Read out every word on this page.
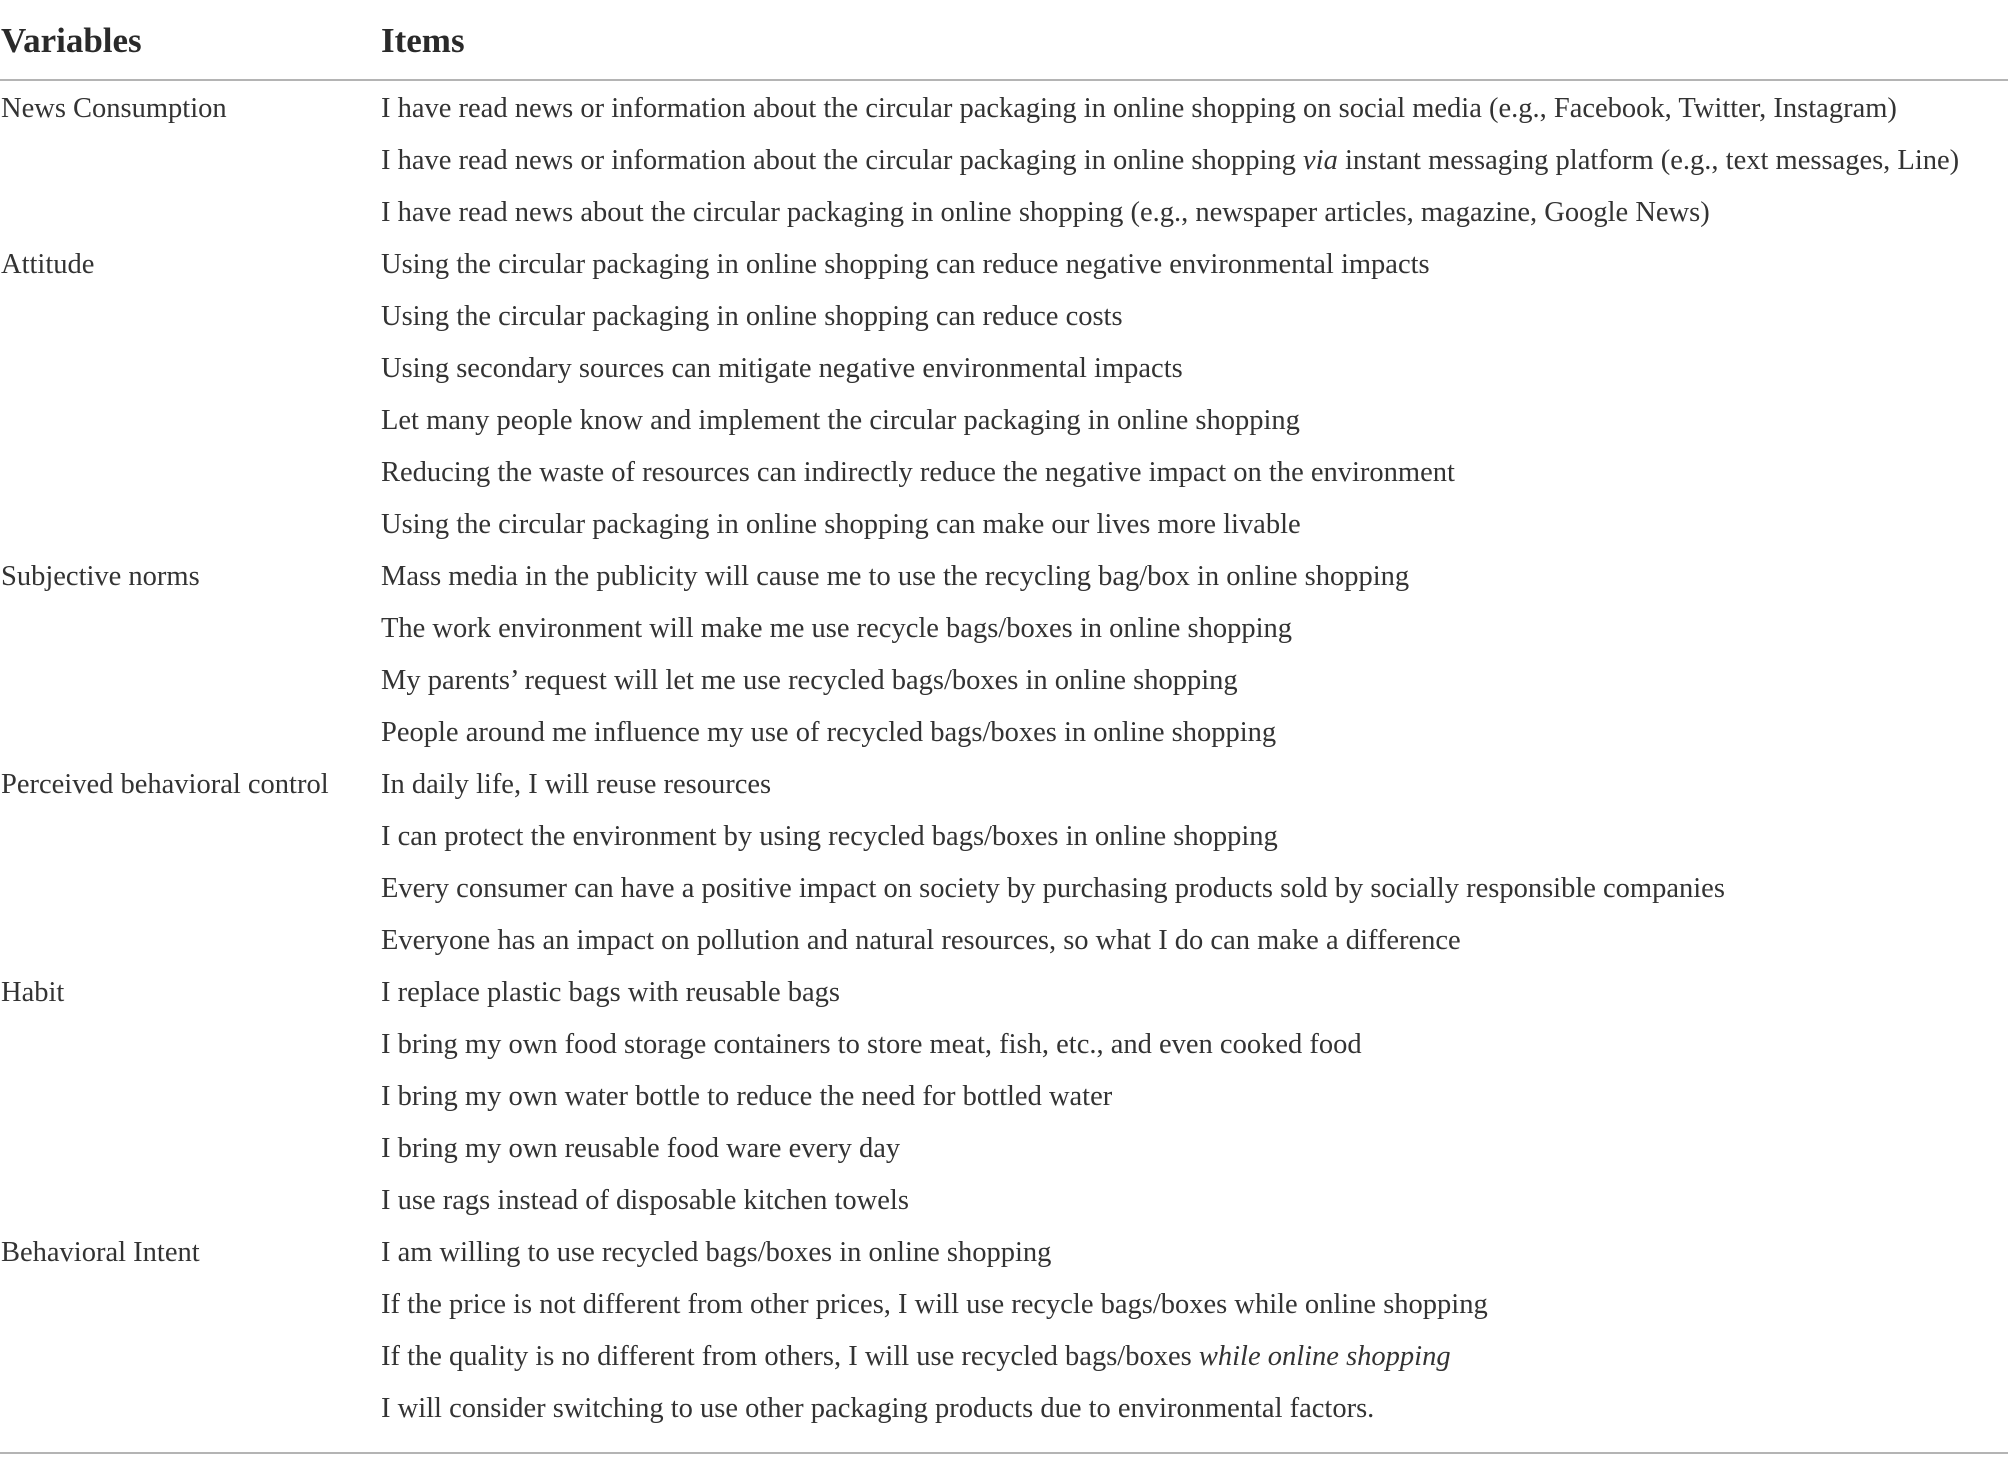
Variables	Items
News Consumption	I have read news or information about the circular packaging in online shopping on social media (e.g., Facebook, Twitter, Instagram)
I have read news or information about the circular packaging in online shopping via instant messaging platform (e.g., text messages, Line)
I have read news about the circular packaging in online shopping (e.g., newspaper articles, magazine, Google News)
Attitude	Using the circular packaging in online shopping can reduce negative environmental impacts
Using the circular packaging in online shopping can reduce costs
Using secondary sources can mitigate negative environmental impacts
Let many people know and implement the circular packaging in online shopping
Reducing the waste of resources can indirectly reduce the negative impact on the environment
Using the circular packaging in online shopping can make our lives more livable
Subjective norms	Mass media in the publicity will cause me to use the recycling bag/box in online shopping
The work environment will make me use recycle bags/boxes in online shopping
My parents’ request will let me use recycled bags/boxes in online shopping
People around me influence my use of recycled bags/boxes in online shopping
Perceived behavioral control	In daily life, I will reuse resources
I can protect the environment by using recycled bags/boxes in online shopping
Every consumer can have a positive impact on society by purchasing products sold by socially responsible companies
Everyone has an impact on pollution and natural resources, so what I do can make a difference
Habit	I replace plastic bags with reusable bags
I bring my own food storage containers to store meat, fish, etc., and even cooked food
I bring my own water bottle to reduce the need for bottled water
I bring my own reusable food ware every day
I use rags instead of disposable kitchen towels
Behavioral Intent	I am willing to use recycled bags/boxes in online shopping
If the price is not different from other prices, I will use recycle bags/boxes while online shopping
If the quality is no different from others, I will use recycled bags/boxes while online shopping
I will consider switching to use other packaging products due to environmental factors.
